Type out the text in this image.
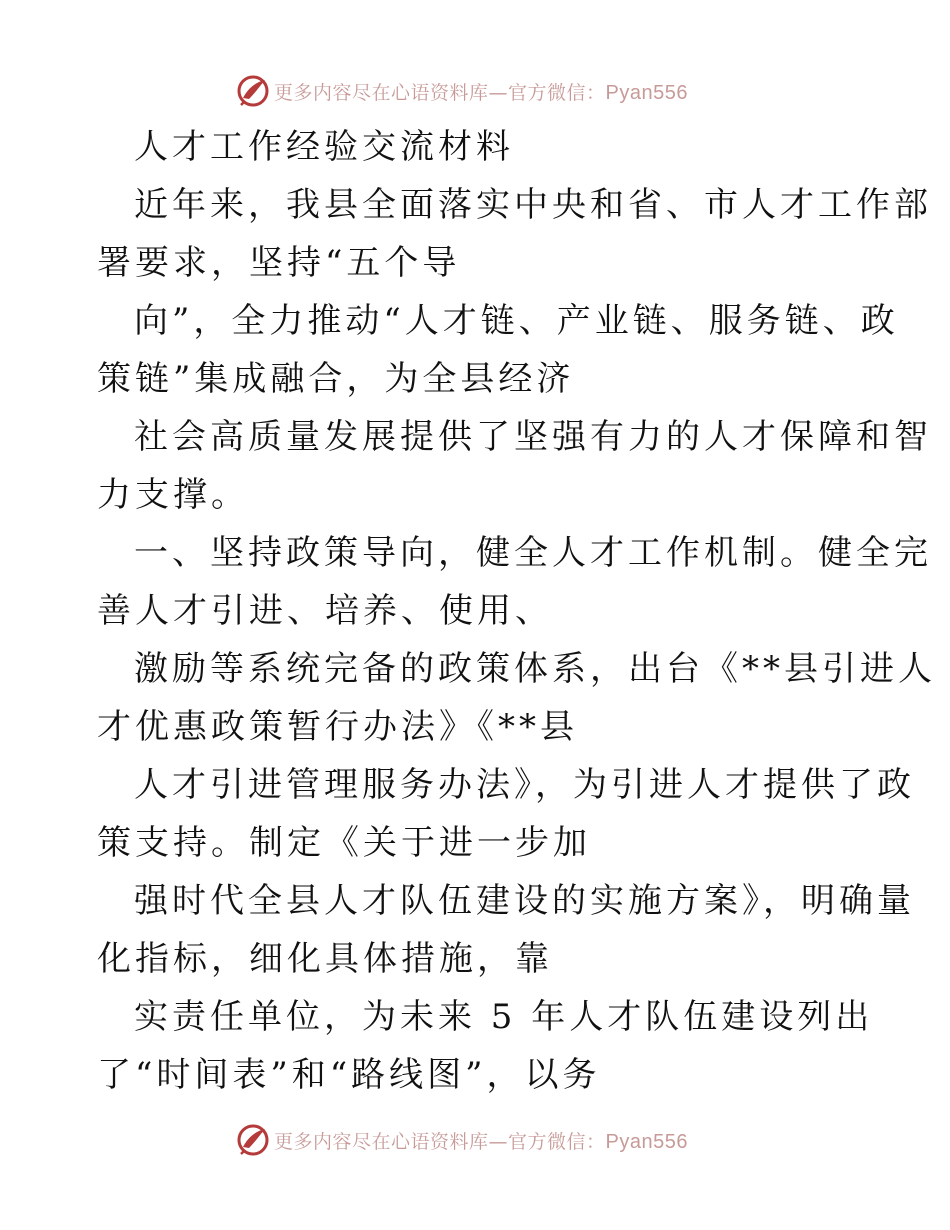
更多内容尽在心语资料库—官方微信：Pyan556
人才工作经验交流材料
近年来，我县全面落实中央和省、市人才工作部
署要求，坚持“五个导
向”，全力推动“人才链、产业链、服务链、政
策链”集成融合，为全县经济
社会高质量发展提供了坚强有力的人才保障和智
力支撑。
一、坚持政策导向，健全人才工作机制。健全完
善人才引进、培养、使用、
激励等系统完备的政策体系，出台《**县引进人
才优惠政策暂行办法》《**县
人才引进管理服务办法》，为引进人才提供了政
策支持。制定《关于进一步加
强时代全县人才队伍建设的实施方案》，明确量
化指标，细化具体措施，靠
实责任单位，为未来 5 年人才队伍建设列出
了“时间表”和“路线图”，以务
更多内容尽在心语资料库—官方微信：Pyan556
